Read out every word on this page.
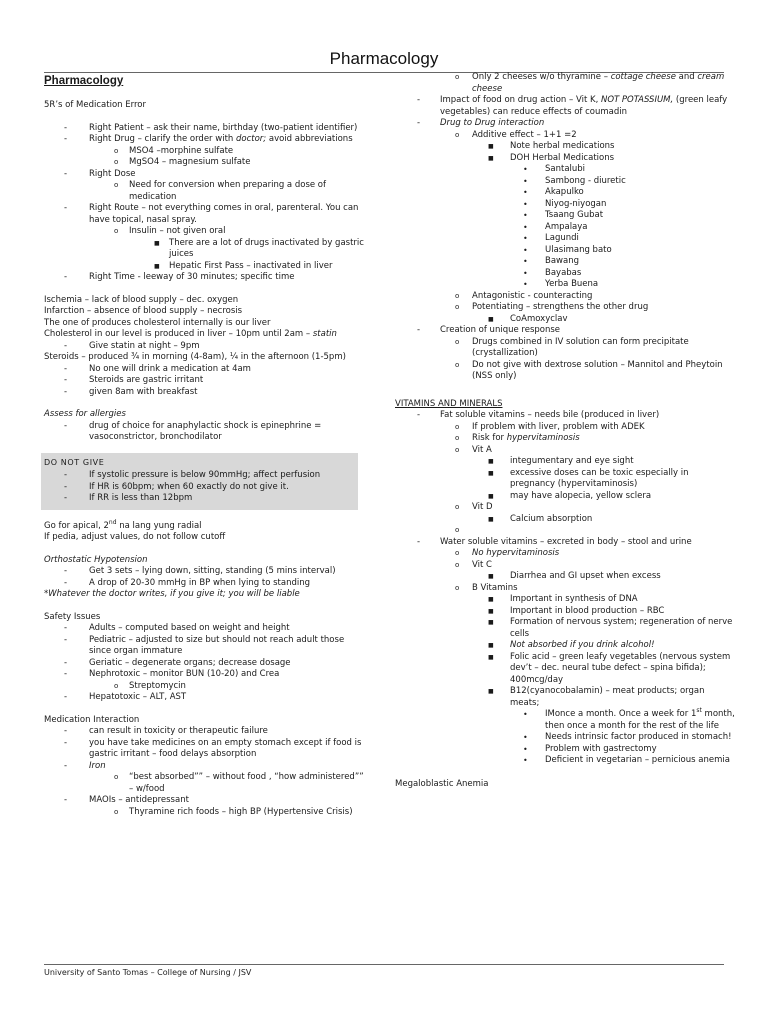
Pharmacology
Pharmacology
5R’s of Medication Error
-	Right Patient – ask their name, birthday (two-patient identifier)
-	Right Drug – clarify the order with doctor; avoid abbreviations
o	MSO4 –morphine sulfate
o	MgSO4 – magnesium sulfate
-	Right Dose
o	Need for conversion when preparing a dose of medication
-	Right Route – not everything comes in oral, parenteral. You can have topical, nasal spray.
o	Insulin – not given oral
■	There are a lot of drugs inactivated by gastric juices
■	Hepatic First Pass – inactivated in liver
-	Right Time - leeway of 30 minutes; specific time
Ischemia – lack of blood supply – dec. oxygen
Infarction – absence of blood supply – necrosis
The one of produces cholesterol internally is our liver
Cholesterol in our level is produced in liver – 10pm until 2am – statin
-	Give statin at night – 9pm
Steroids – produced ¾ in morning (4-8am), ¼ in the afternoon (1-5pm)
-	No one will drink a medication at 4am
-	Steroids are gastric irritant
-	given 8am with breakfast
Assess for allergies
-	drug of choice for anaphylactic shock is epinephrine = vasoconstrictor, bronchodilator
DO NOT GIVE
-	If systolic pressure is below 90mmHg; affect perfusion
-	If HR is 60bpm; when 60 exactly do not give it.
-	If RR is less than 12bpm
Go for apical, 2nd na lang yung radial
If pedia, adjust values, do not follow cutoff
Orthostatic Hypotension
-	Get 3 sets – lying down, sitting, standing (5 mins interval)
-	A drop of 20-30 mmHg in BP when lying to standing
*Whatever the doctor writes, if you give it; you will be liable
Safety Issues
-	Adults – computed based on weight and height
-	Pediatric – adjusted to size but should not reach adult those since organ immature
-	Geriatic – degenerate organs; decrease dosage
-	Nephrotoxic – monitor BUN (10-20) and Crea
o	Streptomycin
-	Hepatotoxic – ALT, AST
Medication Interaction
-	can result in toxicity or therapeutic failure
-	you have take medicines on an empty stomach except if food is gastric irritant – food delays absorption
-	Iron
o	“best absorbed”” – without food , “how administered”” – w/food
-	MAOIs – antidepressant
o	Thyramine rich foods – high BP (Hypertensive Crisis)
o	Only 2 cheeses w/o thyramine – cottage cheese and cream cheese
-	Impact of food on drug action – Vit K, NOT POTASSIUM, (green leafy vegetables) can reduce effects of coumadin
-	Drug to Drug interaction
o	Additive effect – 1+1 =2
■	Note herbal medications
■	DOH Herbal Medications
•	Santalubi
•	Sambong - diuretic
•	Akapulko
•	Niyog-niyogan
•	Tsaang Gubat
•	Ampalaya
•	Lagundi
•	Ulasimang bato
•	Bawang
•	Bayabas
•	Yerba Buena
o	Antagonistic - counteracting
o	Potentiating – strengthens the other drug
■	CoAmoxyclav
-	Creation of unique response
o	Drugs combined in IV solution can form precipitate (crystallization)
o	Do not give with dextrose solution – Mannitol and Pheytoin (NSS only)
VITAMINS AND MINERALS
-	Fat soluble vitamins – needs bile (produced in liver)
o	If problem with liver, problem with ADEK
o	Risk for hypervitaminosis
o	Vit A
■	integumentary and eye sight
■	excessive doses can be toxic especially in pregnancy (hypervitaminosis)
■	may have alopecia, yellow sclera
o	Vit D
■	Calcium absorption
o
-	Water soluble vitamins – excreted in body – stool and urine
o	No hypervitaminosis
o	Vit C
■	Diarrhea and GI upset when excess
o	B Vitamins
■	Important in synthesis of DNA
■	Important in blood production – RBC
■	Formation of nervous system; regeneration of nerve cells
■	Not absorbed if you drink alcohol!
■	Folic acid – green leafy vegetables (nervous system dev’t – dec. neural tube defect – spina bifida); 400mcg/day
■	B12(cyanocobalamin) – meat products; organ meats;
•	IMonce a month. Once a week for 1st month, then once a month for the rest of the life
•	Needs intrinsic factor produced in stomach!
•	Problem with gastrectomy
•	Deficient in vegetarian – pernicious anemia
Megaloblastic Anemia
University of Santo Tomas – College of Nursing / JSV
